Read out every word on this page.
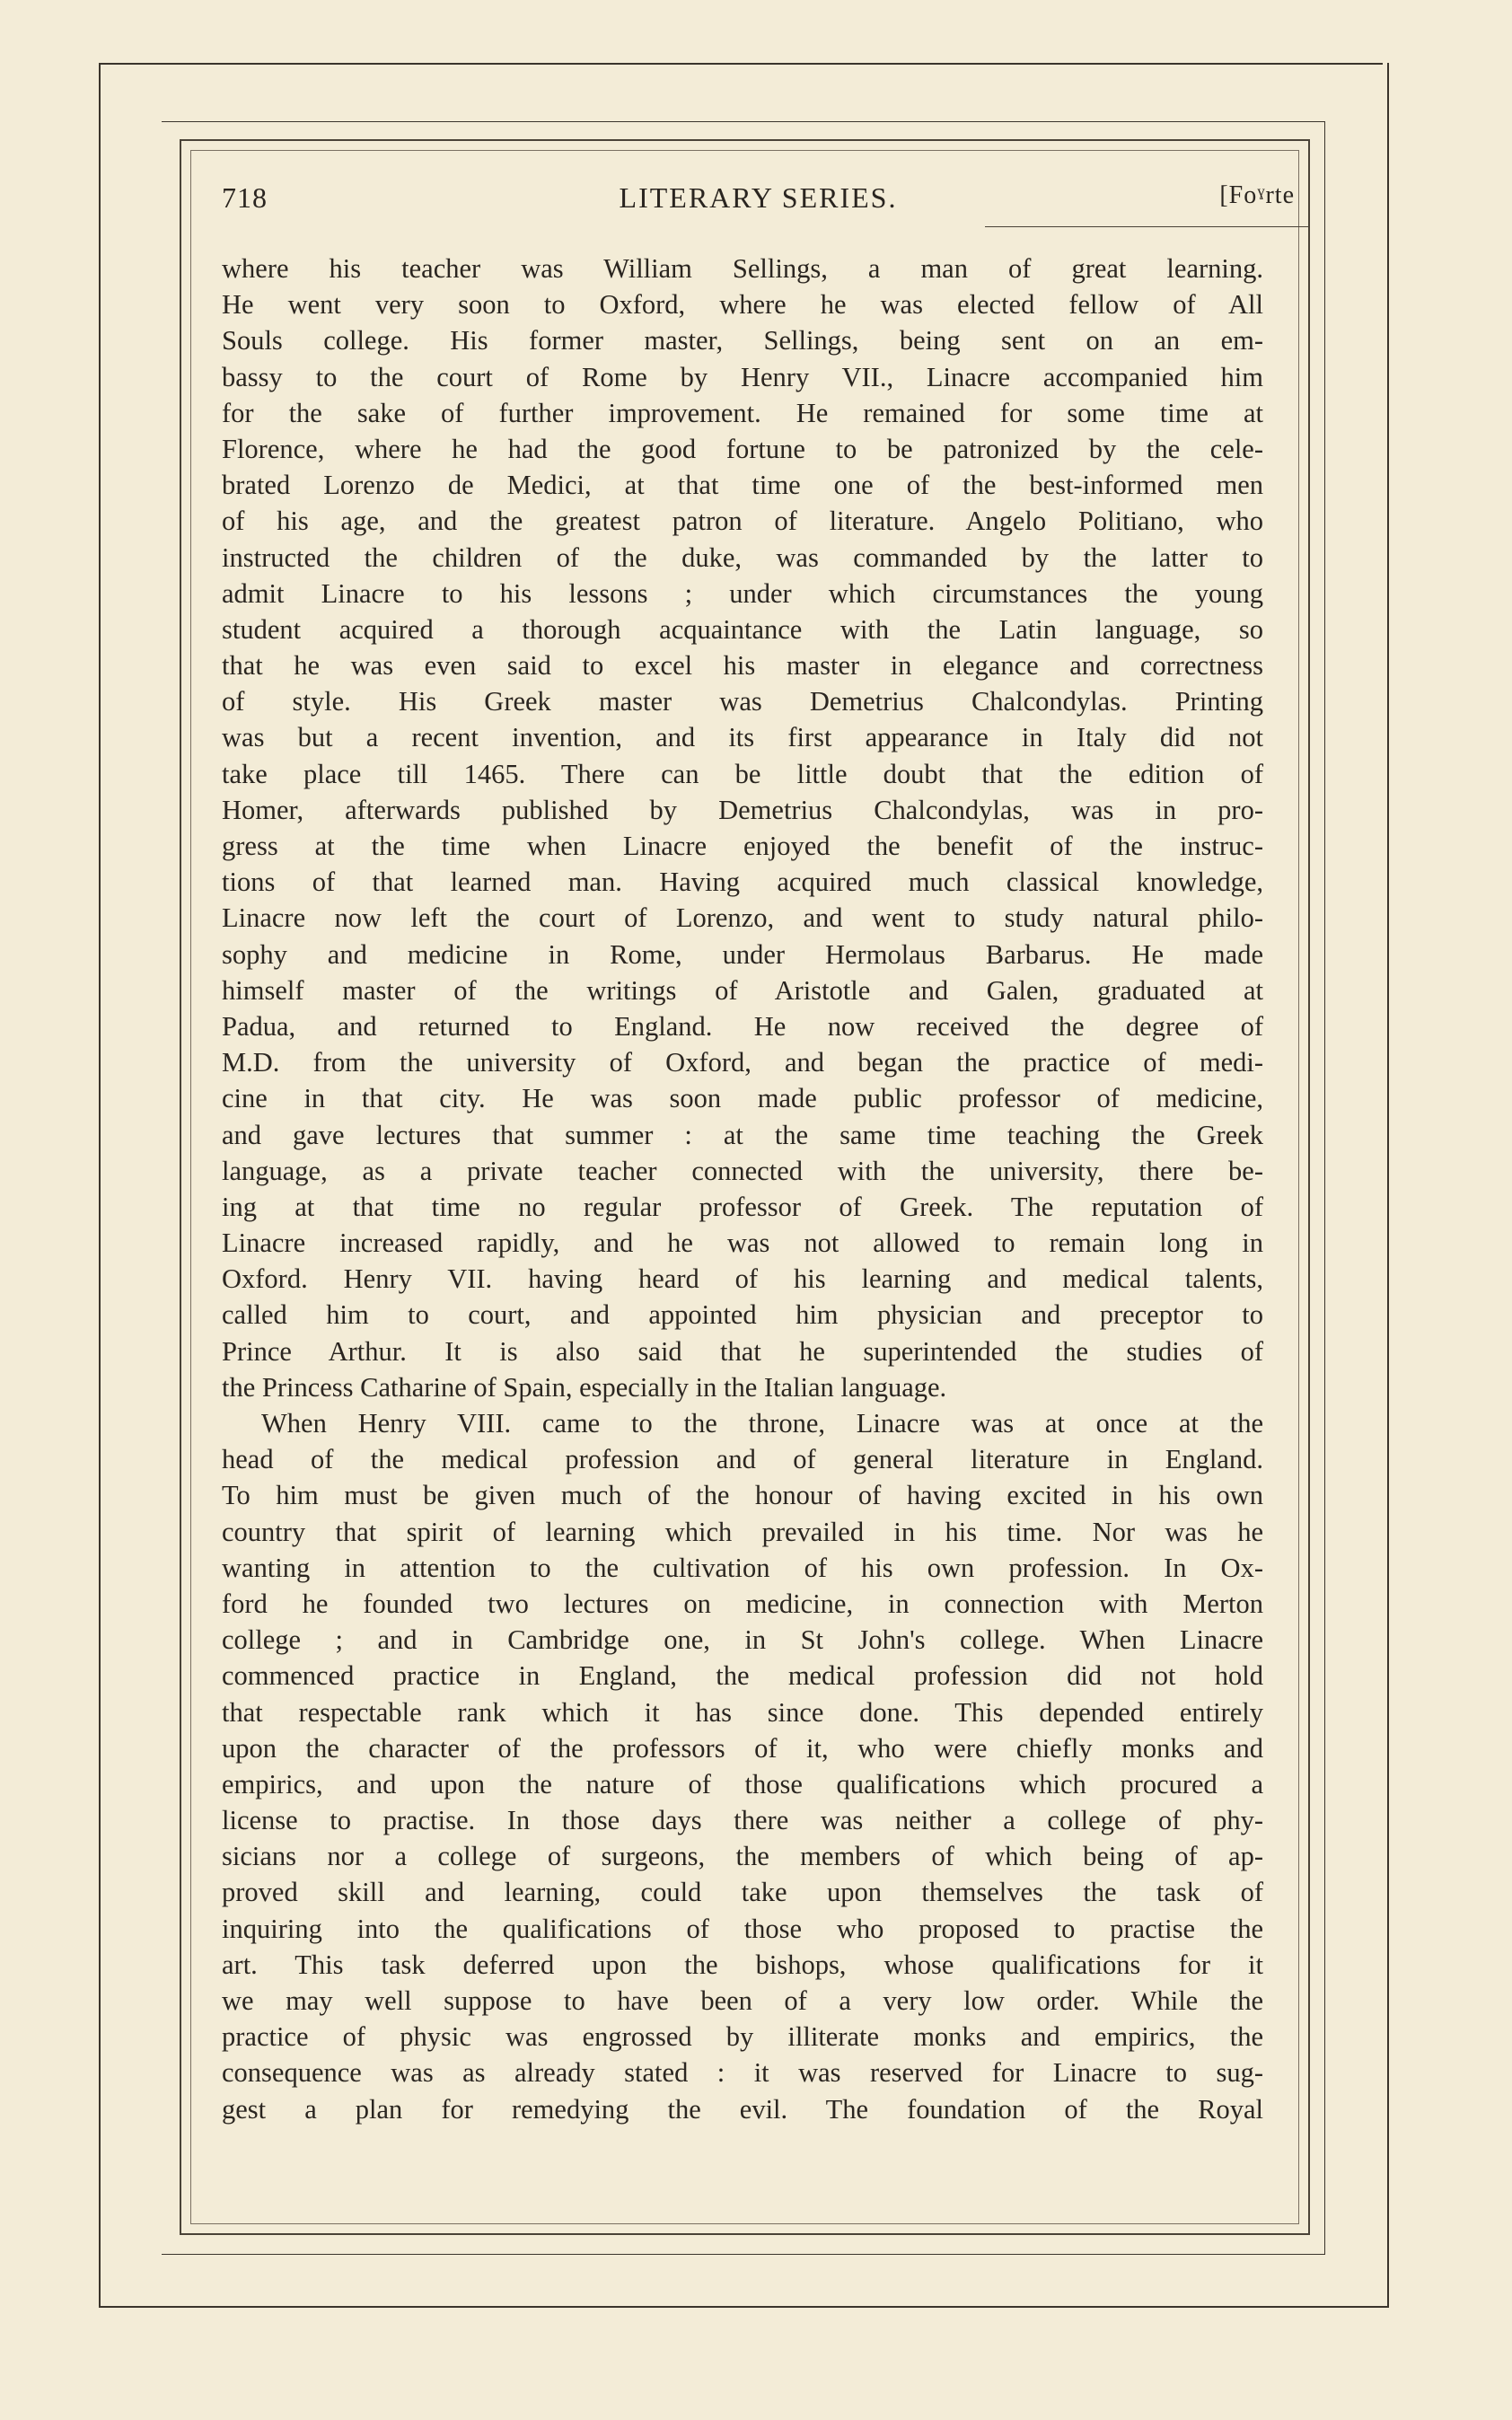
718	LITERARY SERIES.	[Foˠrte
where his teacher was William Sellings, a man of great learning.
He went very soon to Oxford, where he was elected fellow of All
Souls college. His former master, Sellings, being sent on an em-
bassy to the court of Rome by Henry VII., Linacre accompanied him
for the sake of further improvement. He remained for some time at
Florence, where he had the good fortune to be patronized by the cele-
brated Lorenzo de Medici, at that time one of the best-informed men
of his age, and the greatest patron of literature. Angelo Politiano, who
instructed the children of the duke, was commanded by the latter to
admit Linacre to his lessons ; under which circumstances the young
student acquired a thorough acquaintance with the Latin language, so
that he was even said to excel his master in elegance and correctness
of style. His Greek master was Demetrius Chalcondylas. Printing
was but a recent invention, and its first appearance in Italy did not
take place till 1465. There can be little doubt that the edition of
Homer, afterwards published by Demetrius Chalcondylas, was in pro-
gress at the time when Linacre enjoyed the benefit of the instruc-
tions of that learned man. Having acquired much classical knowledge,
Linacre now left the court of Lorenzo, and went to study natural philo-
sophy and medicine in Rome, under Hermolaus Barbarus. He made
himself master of the writings of Aristotle and Galen, graduated at
Padua, and returned to England. He now received the degree of
M.D. from the university of Oxford, and began the practice of medi-
cine in that city. He was soon made public professor of medicine,
and gave lectures that summer : at the same time teaching the Greek
language, as a private teacher connected with the university, there be-
ing at that time no regular professor of Greek. The reputation of
Linacre increased rapidly, and he was not allowed to remain long in
Oxford. Henry VII. having heard of his learning and medical talents,
called him to court, and appointed him physician and preceptor to
Prince Arthur. It is also said that he superintended the studies of
the Princess Catharine of Spain, especially in the Italian language.
When Henry VIII. came to the throne, Linacre was at once at the
head of the medical profession and of general literature in England.
To him must be given much of the honour of having excited in his own
country that spirit of learning which prevailed in his time. Nor was he
wanting in attention to the cultivation of his own profession. In Ox-
ford he founded two lectures on medicine, in connection with Merton
college ; and in Cambridge one, in St John's college. When Linacre
commenced practice in England, the medical profession did not hold
that respectable rank which it has since done. This depended entirely
upon the character of the professors of it, who were chiefly monks and
empirics, and upon the nature of those qualifications which procured a
license to practise. In those days there was neither a college of phy-
sicians nor a college of surgeons, the members of which being of ap-
proved skill and learning, could take upon themselves the task of
inquiring into the qualifications of those who proposed to practise the
art. This task deferred upon the bishops, whose qualifications for it
we may well suppose to have been of a very low order. While the
practice of physic was engrossed by illiterate monks and empirics, the
consequence was as already stated : it was reserved for Linacre to sug-
gest a plan for remedying the evil. The foundation of the Royal
